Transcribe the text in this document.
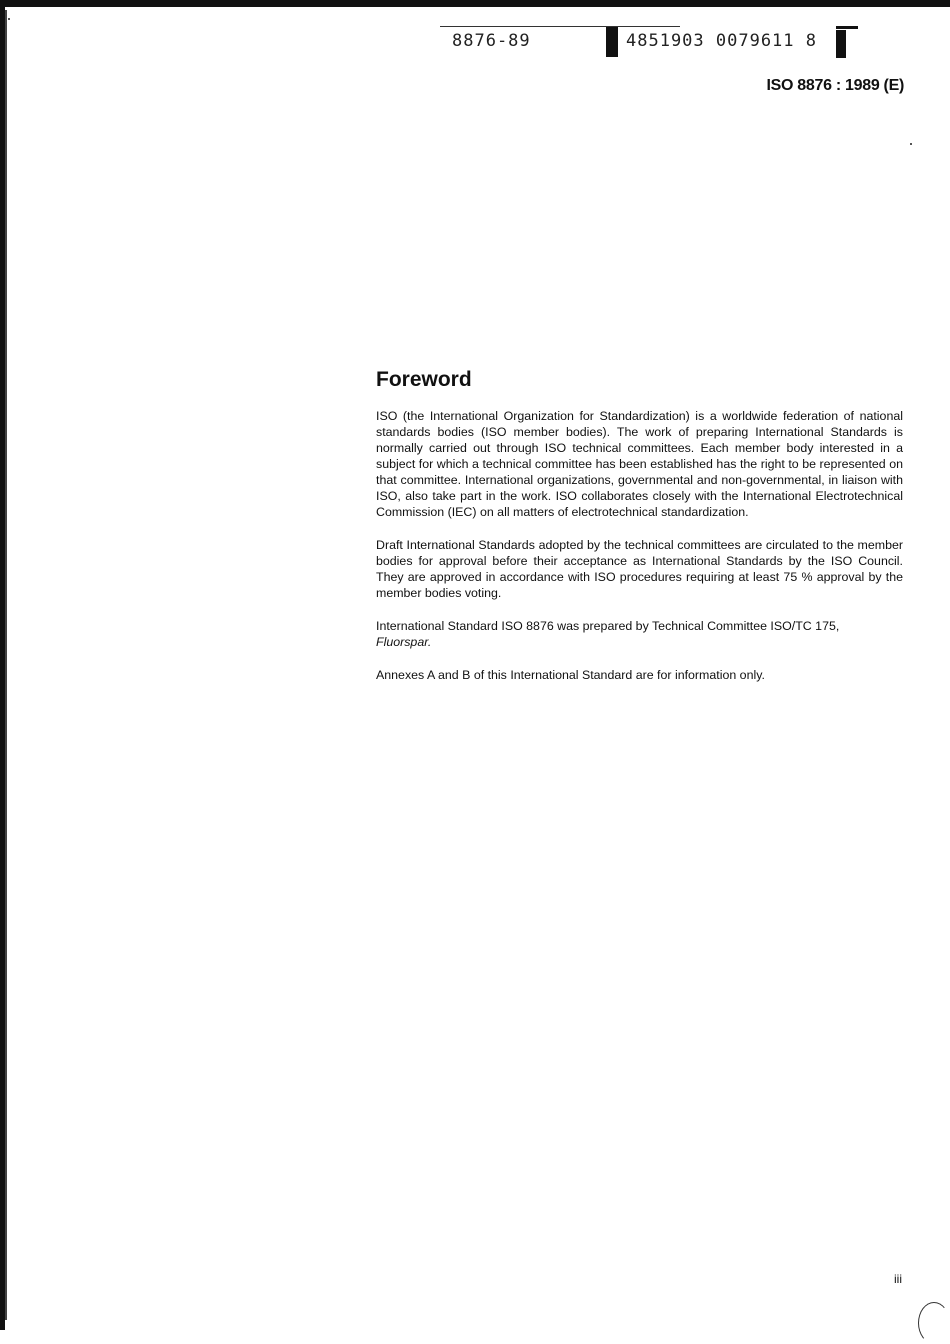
8876-89	4851903 0079611 8
ISO 8876 : 1989 (E)
Foreword

ISO (the International Organization for Standardization) is a worldwide federation of national standards bodies (ISO member bodies). The work of preparing International Standards is normally carried out through ISO technical committees. Each member body interested in a subject for which a technical committee has been established has the right to be represented on that committee. International organizations, governmental and non-governmental, in liaison with ISO, also take part in the work. ISO collaborates closely with the International Electrotechnical Commission (IEC) on all matters of electrotechnical standardization.

Draft International Standards adopted by the technical committees are circulated to the member bodies for approval before their acceptance as International Standards by the ISO Council. They are approved in accordance with ISO procedures requiring at least 75 % approval by the member bodies voting.

International Standard ISO 8876 was prepared by Technical Committee ISO/TC 175,
Fluorspar.

Annexes A and B of this International Standard are for information only.

iii
